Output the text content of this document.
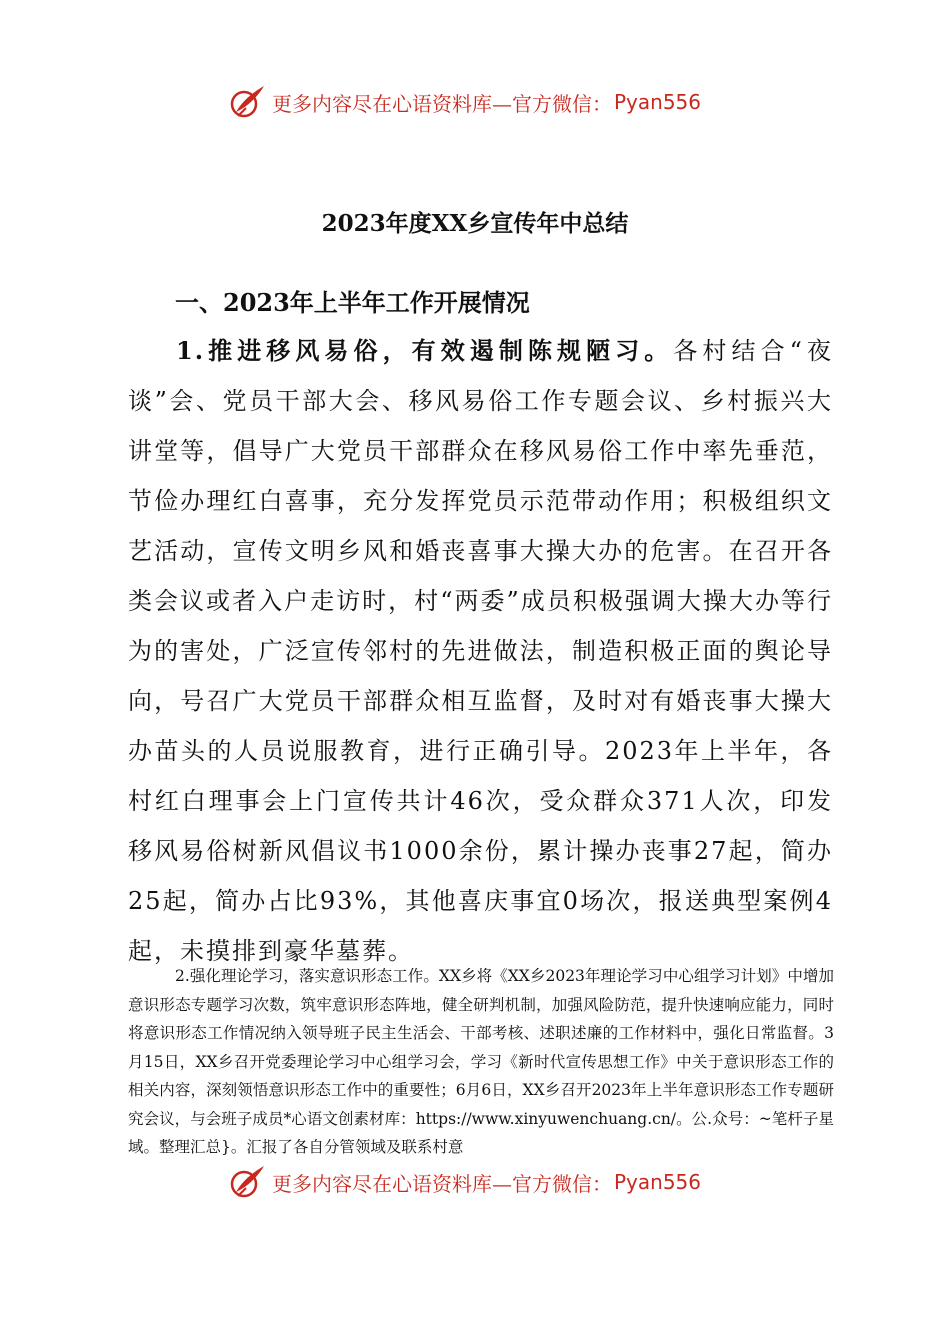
更多内容尽在心语资料库—官方微信： Pyan556
2023年度XX乡宣传年中总结
一、2023年上半年工作开展情况
1.推进移风易俗，有效遏制陈规陋习。各村结合“夜谈”会、党员干部大会、移风易俗工作专题会议、乡村振兴大讲堂等，倡导广大党员干部群众在移风易俗工作中率先垂范，节俭办理红白喜事，充分发挥党员示范带动作用；积极组织文艺活动，宣传文明乡风和婚丧喜事大操大办的危害。在召开各类会议或者入户走访时，村“两委”成员积极强调大操大办等行为的害处，广泛宣传邻村的先进做法，制造积极正面的舆论导向，号召广大党员干部群众相互监督，及时对有婚丧事大操大办苗头的人员说服教育，进行正确引导。2023年上半年，各村红白理事会上门宣传共计46次，受众群众371人次，印发移风易俗树新风倡议书1000余份，累计操办丧事27起，简办25起，简办占比93%，其他喜庆事宜0场次，报送典型案例4起，未摸排到豪华墓葬。
2.强化理论学习，落实意识形态工作。XX乡将《XX乡2023年理论学习中心组学习计划》中增加意识形态专题学习次数，筑牢意识形态阵地，健全研判机制，加强风险防范，提升快速响应能力，同时将意识形态工作情况纳入领导班子民主生活会、干部考核、述职述廉的工作材料中，强化日常监督。3月15日，XX乡召开党委理论学习中心组学习会，学习《新时代宣传思想工作》中关于意识形态工作的相关内容，深刻领悟意识形态工作中的重要性；6月6日，XX乡召开2023年上半年意识形态工作专题研究会议，与会班子成员*心语文创素材库：https://www.xinyuwenchuang.cn/。公.众号：~笔杆子星域。整理汇总}。汇报了各自分管领域及联系村意
更多内容尽在心语资料库—官方微信： Pyan556
